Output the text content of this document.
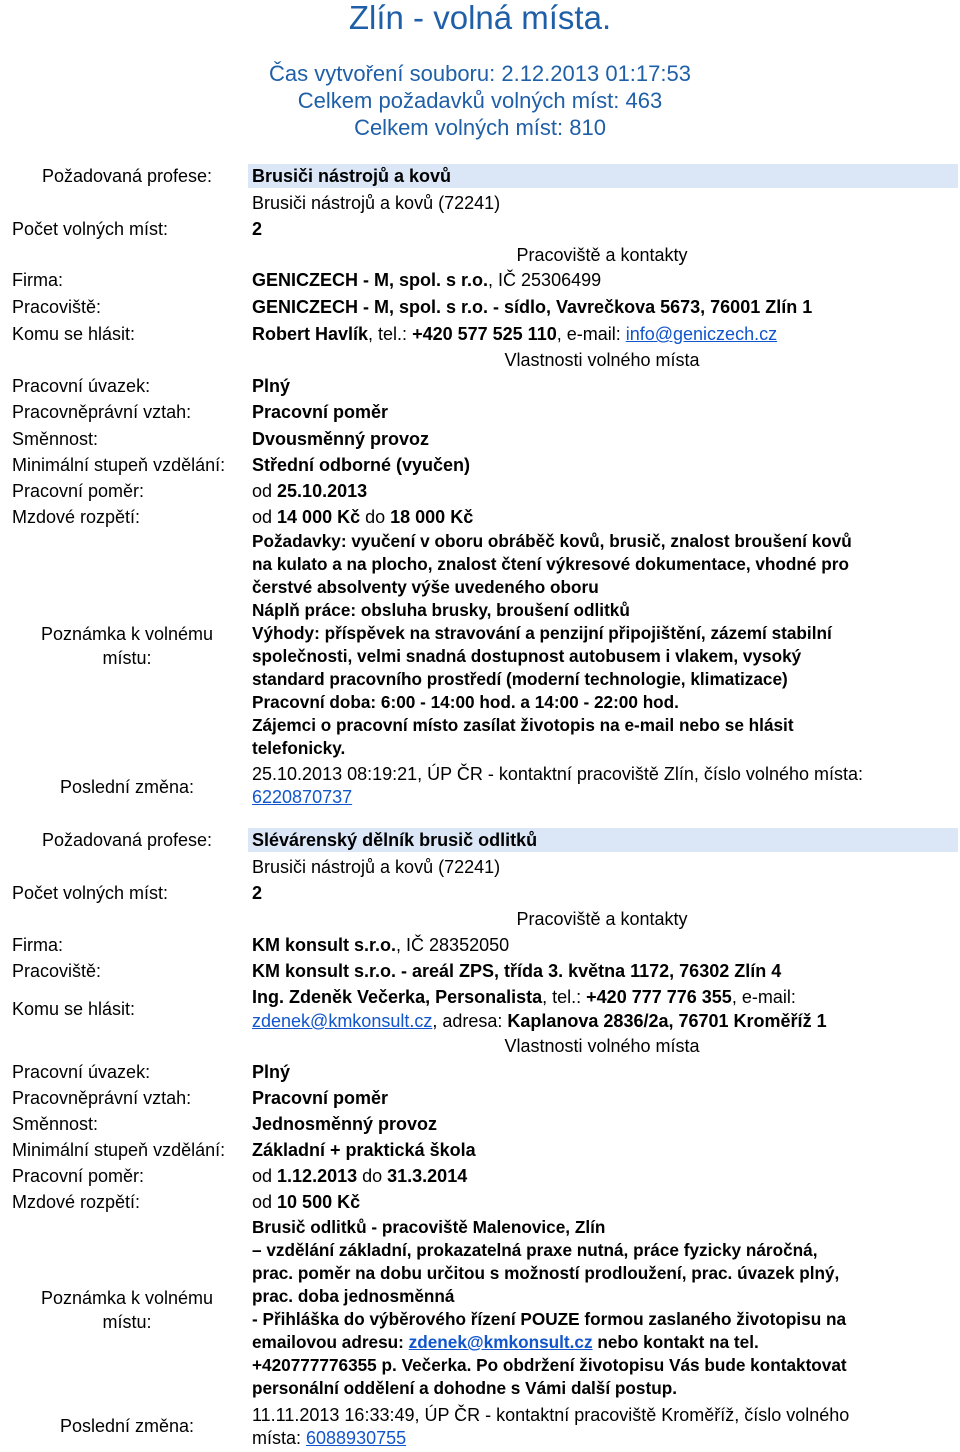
Zlín - volná místa.
Čas vytvoření souboru: 2.12.2013 01:17:53
Celkem požadavků volných míst: 463
Celkem volných míst: 810
Požadovaná profese:	Brusiči nástrojů a kovů
Brusiči nástrojů a kovů (72241)
Počet volných míst:	2
Pracoviště a kontakty
Firma:	GENICZECH - M, spol. s r.o., IČ 25306499
Pracoviště:	GENICZECH - M, spol. s r.o. - sídlo, Vavrečkova 5673, 76001 Zlín 1
Komu se hlásit:	Robert Havlík, tel.: +420 577 525 110, e-mail: info@geniczech.cz
Vlastnosti volného místa
Pracovní úvazek:	Plný
Pracovněprávní vztah:	Pracovní poměr
Směnnost:	Dvousměnný provoz
Minimální stupeň vzdělání: Střední odborné (vyučen)
Pracovní poměr:	od 25.10.2013
Mzdové rozpětí:	od 14 000 Kč do 18 000 Kč
Poznámka k volnému
místu:

Požadavky: vyučení v oboru obráběč kovů, brusič, znalost broušení kovů

na kulato a na plocho, znalost čtení výkresové dokumentace, vhodné pro

čerstvé absolventy výše uvedeného oboru

Náplň práce: obsluha brusky, broušení odlitků

Výhody: příspěvek na stravování a penzijní připojištění, zázemí stabilní

společnosti, velmi snadná dostupnost autobusem i vlakem, vysoký

standard pracovního prostředí (moderní technologie, klimatizace)

Pracovní doba: 6:00 - 14:00 hod. a 14:00 - 22:00 hod.

Zájemci o pracovní místo zasílat životopis na e-mail nebo se hlásit

telefonicky.

Poslední změna:
25.10.2013 08:19:21, ÚP ČR - kontaktní pracoviště Zlín, číslo volného místa:
6220870737
Požadovaná profese:	Slévárenský dělník brusič odlitků
Brusiči nástrojů a kovů (72241)
Počet volných míst:	2
Pracoviště a kontakty
Firma:	KM konsult s.r.o., IČ 28352050
Pracoviště:	KM konsult s.r.o. - areál ZPS, třída 3. května 1172, 76302 Zlín 4
Komu se hlásit:
Ing. Zdeněk Večerka, Personalista, tel.: +420 777 776 355, e-mail:
zdenek@kmkonsult.cz, adresa: Kaplanova 2836/2a, 76701 Kroměříž 1
Vlastnosti volného místa
Pracovní úvazek:	Plný
Pracovněprávní vztah:	Pracovní poměr
Směnnost:	Jednosměnný provoz
Minimální stupeň vzdělání: Základní + praktická škola
Pracovní poměr:	od 1.12.2013 do 31.3.2014
Mzdové rozpětí:	od 10 500 Kč
Poznámka k volnému
místu:

Brusič odlitků - pracoviště Malenovice, Zlín

– vzdělání základní, prokazatelná praxe nutná, práce fyzicky náročná,

prac. poměr na dobu určitou s možností prodloužení, prac. úvazek plný,

prac. doba jednosměnná

- Přihláška do výběrového řízení POUZE formou zaslaného životopisu na

emailovou adresu: zdenek@kmkonsult.cz nebo kontakt na tel.

+420777776355 p. Večerka. Po obdržení životopisu Vás bude kontaktovat

personální oddělení a dohodne s Vámi další postup.

Poslední změna:
11.11.2013 16:33:49, ÚP ČR - kontaktní pracoviště Kroměříž, číslo volného
místa: 6088930755
